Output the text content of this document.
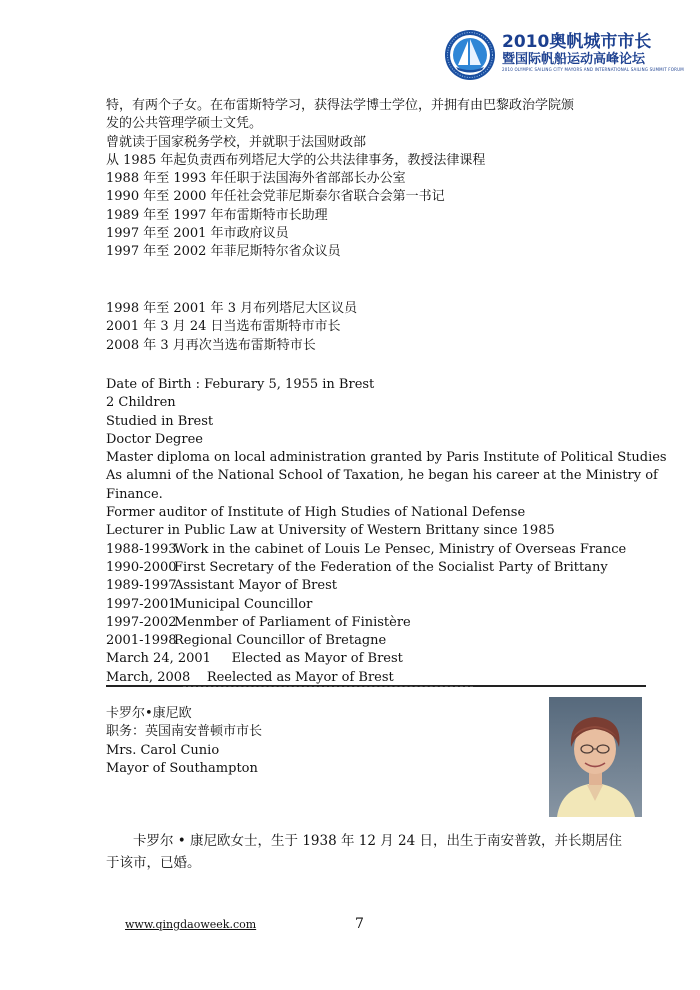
2010奥帆城市市长
暨国际帆船运动高峰论坛
2010 OLYMPIC SAILING CITY MAYORS AND INTERNATIONAL SAILING SUMMIT FORUM
特，有两个子女。在布雷斯特学习，获得法学博士学位，并拥有由巴黎政治学院颁
发的公共管理学硕士文凭。
曾就读于国家税务学校，并就职于法国财政部
从 1985 年起负责西布列塔尼大学的公共法律事务，教授法律课程
1988 年至 1993 年任职于法国海外省部部长办公室
1990 年至 2000 年任社会党菲尼斯泰尔省联合会第一书记
1989 年至 1997 年布雷斯特市长助理
1997 年至 2001 年市政府议员
1997 年至 2002 年菲尼斯特尔省众议员
1998 年至 2001 年 3 月布列塔尼大区议员
2001 年 3 月 24 日当选布雷斯特市市长
2008 年 3 月再次当选布雷斯特市长
Date of Birth : Feburary 5, 1955 in Brest
2 Children
Studied in Brest
Doctor Degree
Master diploma on local administration granted by Paris Institute of Political Studies
As alumni of the National School of Taxation, he began his career at the Ministry of
Finance.
Former auditor of Institute of High Studies of National Defense
Lecturer in Public Law at University of Western Brittany since 1985
1988-1993Work in the cabinet of Louis Le Pensec, Ministry of Overseas France
1990-2000First Secretary of the Federation of the Socialist Party of Brittany
1989-1997Assistant Mayor of Brest
1997-2001Municipal Councillor
1997-2002Menmber of Parliament of Finistère
2001-1998Regional Councillor of Bretagne
March 24, 2001 Elected as Mayor of Brest
March, 2008 Reelected as Mayor of Brest
卡罗尔•康尼欧
职务：英国南安普顿市市长
Mrs. Carol Cunio
Mayor of Southampton
卡罗尔 • 康尼欧女士，生于 1938 年 12 月 24 日，出生于南安普敦，并长期居住于该市，已婚。
www.qingdaoweek.com	7
